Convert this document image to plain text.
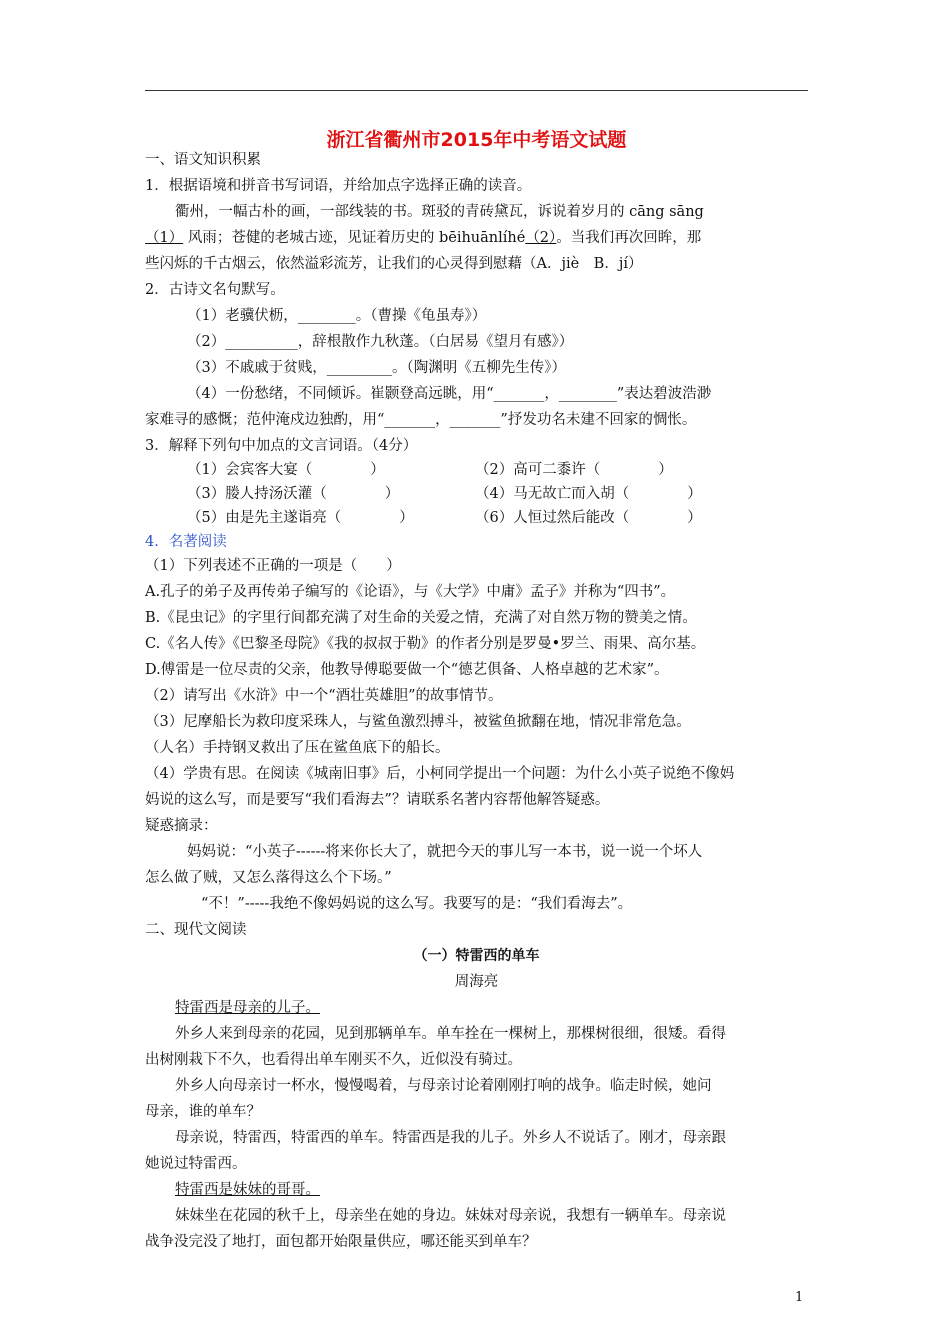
浙江省衢州市2015年中考语文试题
一、语文知识积累
1．根据语境和拼音书写词语，并给加点字选择正确的读音。
衢州，一幅古朴的画，一部线装的书。斑驳的青砖黛瓦，诉说着岁月的 cāng sāng
（1） 风雨；苍健的老城古迹，见证着历史的 bēihuānlíhé（2）。当我们再次回眸，那
些闪烁的千古烟云，依然溢彩流芳，让我们的心灵得到慰藉（A．jiè　B．jí）
2．古诗文名句默写。
（1）老骥伏枥，________。（曹操《龟虽寿》）
（2）__________，辞根散作九秋蓬。（白居易《望月有感》）
（3）不戚戚于贫贱，_________。（陶渊明《五柳先生传》）
（4）一份愁绪，不同倾诉。崔颢登高远眺，用“_______，________”表达碧波浩渺
家难寻的感慨；范仲淹戍边独酌，用“_______，_______”抒发功名未建不回家的惆怅。
3．解释下列句中加点的文言词语。（4分）
（1）会宾客大宴（　　　　）	（2）高可二黍许（　　　　）
（3）媵人持汤沃灌（　　　　）	（4）马无故亡而入胡（　　　　）
（5）由是先主遂诣亮（　　　　）	（6）人恒过然后能改（　　　　）
4．名著阅读
（1）下列表述不正确的一项是（　　）
A.孔子的弟子及再传弟子编写的《论语》，与《大学》中庸》孟子》并称为“四书”。
B.《昆虫记》的字里行间都充满了对生命的关爱之情，充满了对自然万物的赞美之情。
C.《名人传》《巴黎圣母院》《我的叔叔于勒》的作者分别是罗曼•罗兰、雨果、高尔基。
D.傅雷是一位尽责的父亲，他教导傅聪要做一个“德艺俱备、人格卓越的艺术家”。
（2）请写出《水浒》中一个“酒壮英雄胆”的故事情节。
（3）尼摩船长为救印度采珠人，与鲨鱼激烈搏斗，被鲨鱼掀翻在地，情况非常危急。
（人名）手持钢叉救出了压在鲨鱼底下的船长。
（4）学贵有思。在阅读《城南旧事》后，小柯同学提出一个问题：为什么小英子说绝不像妈
妈说的这么写，而是要写“我们看海去”？请联系名著内容帮他解答疑惑。
疑惑摘录：
妈妈说：“小英子------将来你长大了，就把今天的事儿写一本书，说一说一个坏人
怎么做了贼，又怎么落得这么个下场。”
“不！”-----我绝不像妈妈说的这么写。我要写的是：“我们看海去”。
二、现代文阅读
（一）特雷西的单车
周海亮
特雷西是母亲的儿子。
外乡人来到母亲的花园，见到那辆单车。单车拴在一棵树上，那棵树很细，很矮。看得
出树刚栽下不久，也看得出单车刚买不久，近似没有骑过。
外乡人向母亲讨一杯水，慢慢喝着，与母亲讨论着刚刚打响的战争。临走时候，她问
母亲，谁的单车？
母亲说，特雷西，特雷西的单车。特雷西是我的儿子。外乡人不说话了。刚才，母亲跟
她说过特雷西。
特雷西是妹妹的哥哥。
妹妹坐在花园的秋千上，母亲坐在她的身边。妹妹对母亲说，我想有一辆单车。母亲说
战争没完没了地打，面包都开始限量供应，哪还能买到单车？
1
